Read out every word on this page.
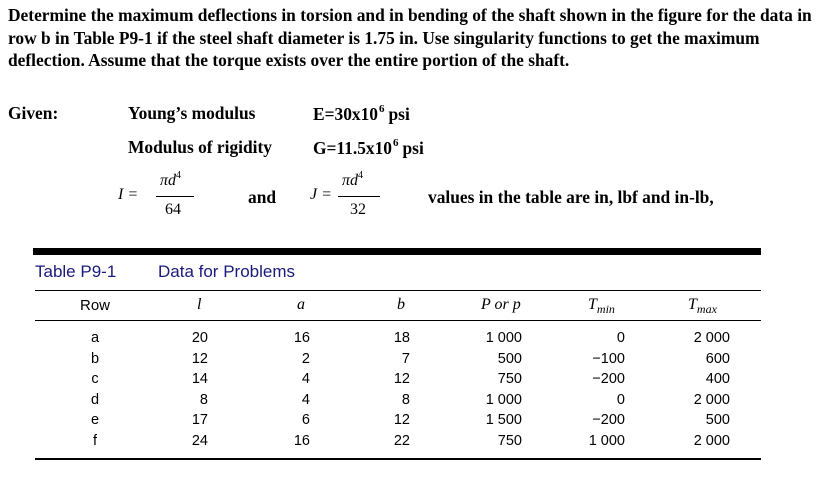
Determine the maximum deflections in torsion and in bending of the shaft shown in the figure for the data in row b in Table P9-1 if the steel shaft diameter is 1.75 in. Use singularity functions to get the maximum deflection. Assume that the torque exists over the entire portion of the shaft.

Given:	Young’s modulus	$E=30x10^6$ psi
Modulus of rigidity $G=11.5x10^6$ psi
I =
$\pi d^4$
64
and J =
$\pi d^4$
32
values in the table are in, lbf and in-lb,
Table P9-1 Data for Problems
Row	l	a	b	P or p	$T_{min}$	$T_{max}$
a	20	16	18	1 000	0	2 000
b	12	2	7	500	−100	600
c	14	4	12	750	−200	400
d	8	4	8	1 000	0	2 000
e	17	6	12	1 500	−200	500
f	24	16	22	750	1 000	2 000
